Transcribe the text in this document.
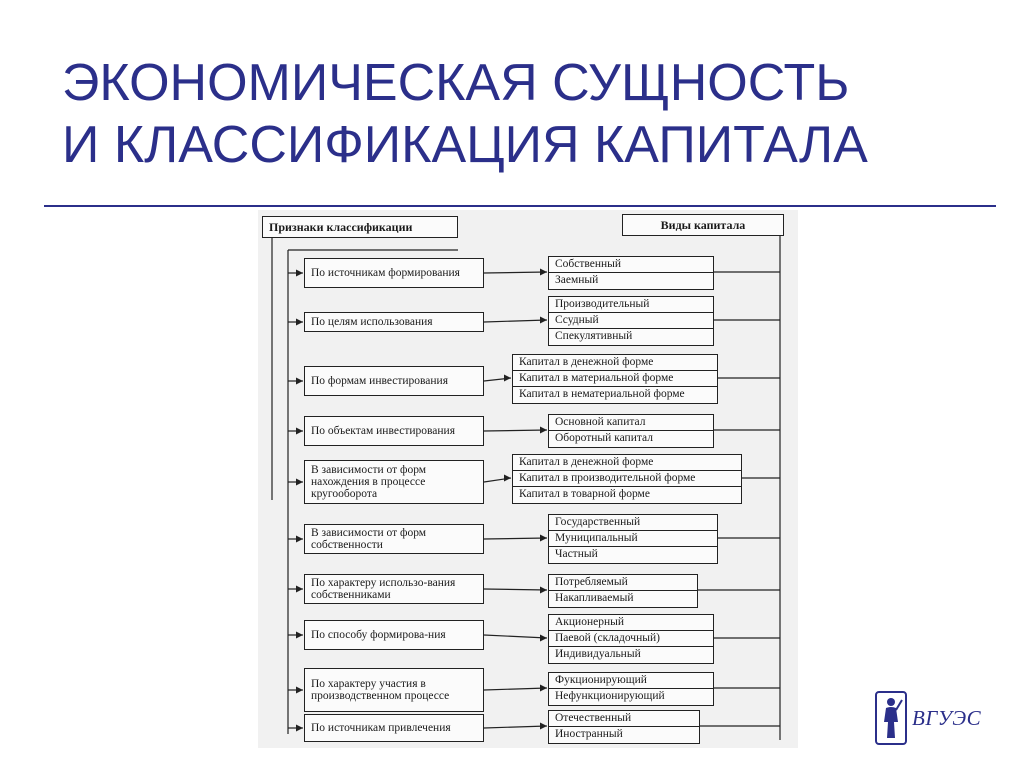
ЭКОНОМИЧЕСКАЯ СУЩНОСТЬ
И КЛАССИФИКАЦИЯ КАПИТАЛА
Признаки классификации	Виды капитала
По источникам формирования
Собственный
Заемный
По целям использования
Производительный
Ссудный
Спекулятивный
По формам инвестирования
Капитал в денежной форме
Капитал в материальной форме
Капитал в нематериальной форме
По объектам инвестирования
Основной капитал
Оборотный капитал
В зависимости от форм нахождения в процессе кругооборота
Капитал в денежной форме
Капитал в производительной форме
Капитал в товарной форме
В зависимости от форм собственности
Государственный
Муниципальный
Частный
По характеру использо-вания собственниками
Потребляемый
Накапливаемый
По способу формирова-ния
Акционерный
Паевой (складочный)
Индивидуальный
По характеру участия в производственном процессе
Фукционирующий
Нефункционирующий
По источникам привлечения
Отечественный
Иностранный
ВГУЭС
